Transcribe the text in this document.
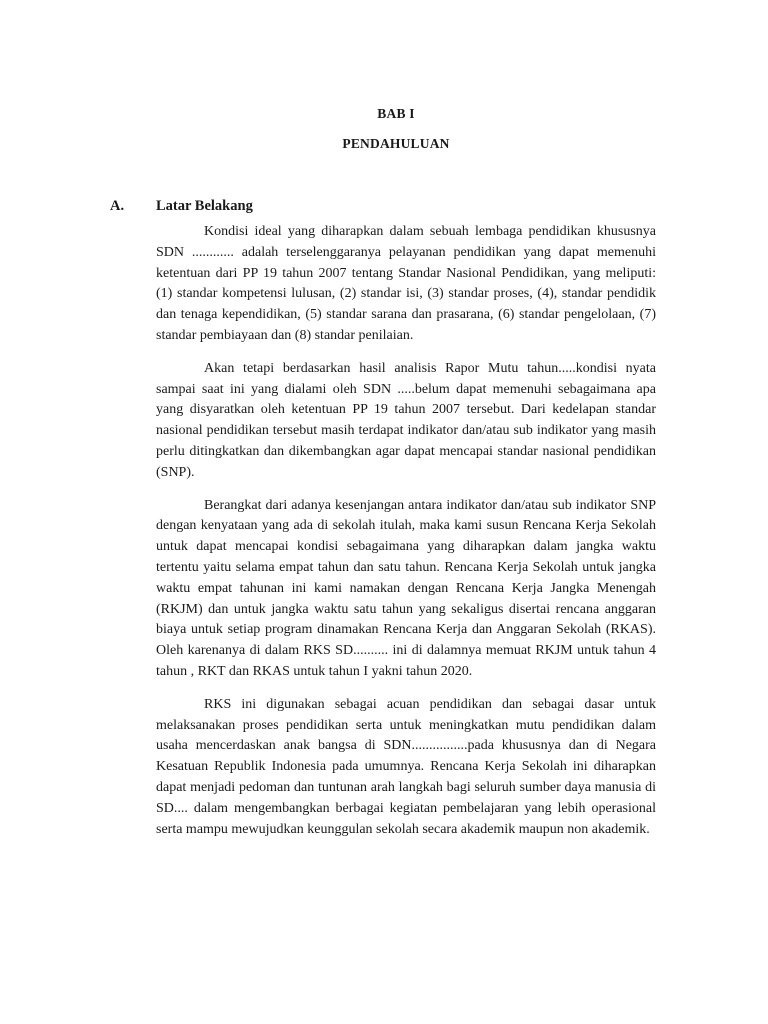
BAB I
PENDAHULUAN
A. Latar Belakang

Kondisi ideal yang diharapkan dalam sebuah lembaga pendidikan khususnya SDN ............ adalah terselenggaranya pelayanan pendidikan yang dapat memenuhi ketentuan dari PP 19 tahun 2007 tentang Standar Nasional Pendidikan, yang meliputi: (1) standar kompetensi lulusan, (2) standar isi, (3) standar proses, (4), standar pendidik dan tenaga kependidikan, (5) standar sarana dan prasarana, (6) standar pengelolaan, (7) standar pembiayaan dan (8) standar penilaian.

Akan tetapi berdasarkan hasil analisis Rapor Mutu tahun.....kondisi nyata sampai saat ini yang dialami oleh SDN .....belum dapat memenuhi sebagaimana apa yang disyaratkan oleh ketentuan PP 19 tahun 2007 tersebut. Dari kedelapan standar nasional pendidikan tersebut masih terdapat indikator dan/atau sub indikator yang masih perlu ditingkatkan dan dikembangkan agar dapat mencapai standar nasional pendidikan (SNP).

Berangkat dari adanya kesenjangan antara indikator dan/atau sub indikator SNP dengan kenyataan yang ada di sekolah itulah, maka kami susun Rencana Kerja Sekolah untuk dapat mencapai kondisi sebagaimana yang diharapkan dalam jangka waktu tertentu yaitu selama empat tahun dan satu tahun. Rencana Kerja Sekolah untuk jangka waktu empat tahunan ini kami namakan dengan Rencana Kerja Jangka Menengah (RKJM) dan untuk jangka waktu satu tahun yang sekaligus disertai rencana anggaran biaya untuk setiap program dinamakan Rencana Kerja dan Anggaran Sekolah (RKAS). Oleh karenanya di dalam RKS SD.......... ini di dalamnya memuat RKJM untuk tahun 4 tahun , RKT dan RKAS untuk tahun I yakni tahun 2020.

RKS ini digunakan sebagai acuan pendidikan dan sebagai dasar untuk melaksanakan proses pendidikan serta untuk meningkatkan mutu pendidikan dalam usaha mencerdaskan anak bangsa di SDN................pada khususnya dan di Negara Kesatuan Republik Indonesia pada umumnya. Rencana Kerja Sekolah ini diharapkan dapat menjadi pedoman dan tuntunan arah langkah bagi seluruh sumber daya manusia di SD.... dalam mengembangkan berbagai kegiatan pembelajaran yang lebih operasional serta mampu mewujudkan keunggulan sekolah secara akademik maupun non akademik.
